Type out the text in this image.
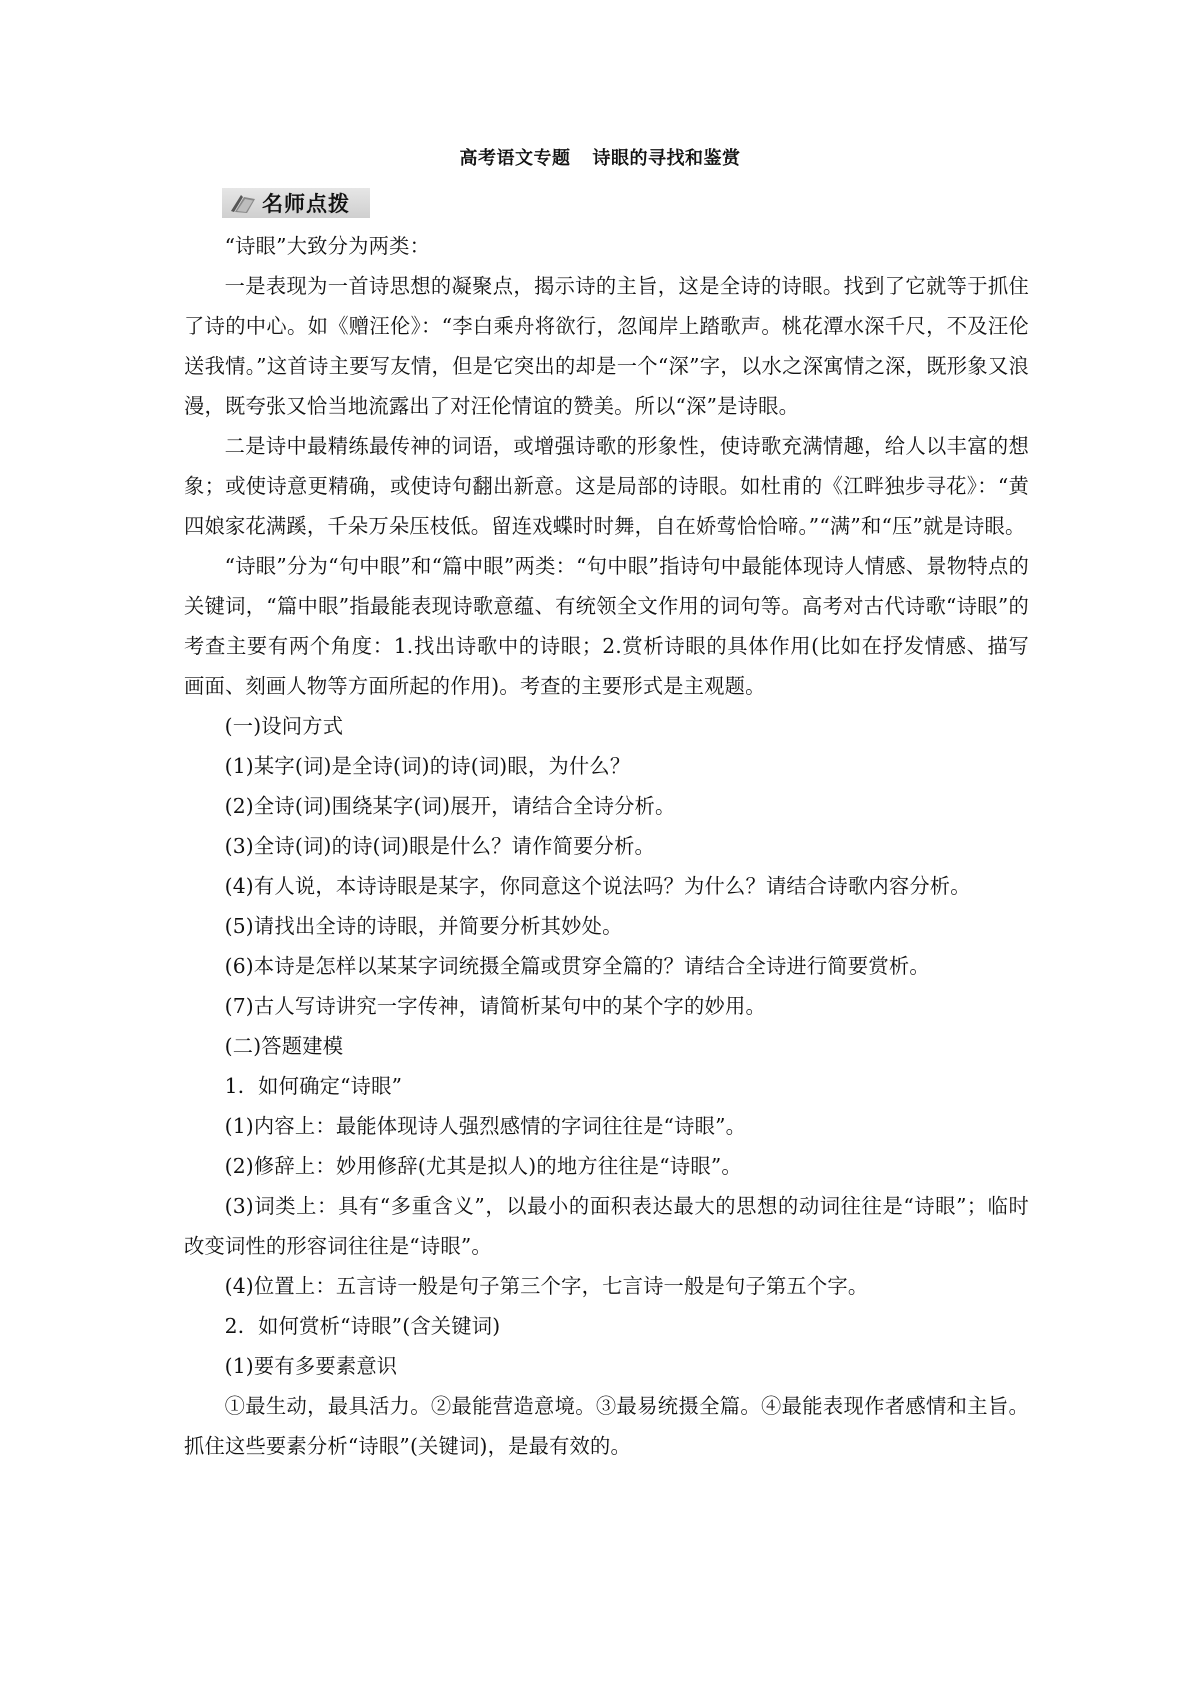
高考语文专题 诗眼的寻找和鉴赏
名师点拨

“诗眼”大致分为两类：

一是表现为一首诗思想的凝聚点，揭示诗的主旨，这是全诗的诗眼。找到了它就等于抓住了诗的中心。如《赠汪伦》：“李白乘舟将欲行，忽闻岸上踏歌声。桃花潭水深千尺，不及汪伦送我情。”这首诗主要写友情，但是它突出的却是一个“深”字，以水之深寓情之深，既形象又浪漫，既夸张又恰当地流露出了对汪伦情谊的赞美。所以“深”是诗眼。

二是诗中最精练最传神的词语，或增强诗歌的形象性，使诗歌充满情趣，给人以丰富的想象；或使诗意更精确，或使诗句翻出新意。这是局部的诗眼。如杜甫的《江畔独步寻花》：“黄四娘家花满蹊，千朵万朵压枝低。留连戏蝶时时舞，自在娇莺恰恰啼。”“满”和“压”就是诗眼。

“诗眼”分为“句中眼”和“篇中眼”两类：“句中眼”指诗句中最能体现诗人情感、景物特点的关键词，“篇中眼”指最能表现诗歌意蕴、有统领全文作用的词句等。高考对古代诗歌“诗眼”的考查主要有两个角度：1.找出诗歌中的诗眼；2.赏析诗眼的具体作用(比如在抒发情感、描写画面、刻画人物等方面所起的作用)。考查的主要形式是主观题。

(一)设问方式

(1)某字(词)是全诗(词)的诗(词)眼，为什么？

(2)全诗(词)围绕某字(词)展开，请结合全诗分析。

(3)全诗(词)的诗(词)眼是什么？请作简要分析。

(4)有人说，本诗诗眼是某字，你同意这个说法吗？为什么？请结合诗歌内容分析。

(5)请找出全诗的诗眼，并简要分析其妙处。

(6)本诗是怎样以某某字词统摄全篇或贯穿全篇的？请结合全诗进行简要赏析。

(7)古人写诗讲究一字传神，请简析某句中的某个字的妙用。

(二)答题建模

1．如何确定“诗眼”

(1)内容上：最能体现诗人强烈感情的字词往往是“诗眼”。

(2)修辞上：妙用修辞(尤其是拟人)的地方往往是“诗眼”。

(3)词类上：具有“多重含义”，以最小的面积表达最大的思想的动词往往是“诗眼”；临时改变词性的形容词往往是“诗眼”。

(4)位置上：五言诗一般是句子第三个字，七言诗一般是句子第五个字。

2．如何赏析“诗眼”(含关键词)

(1)要有多要素意识

①最生动，最具活力。②最能营造意境。③最易统摄全篇。④最能表现作者感情和主旨。抓住这些要素分析“诗眼”(关键词)，是最有效的。
